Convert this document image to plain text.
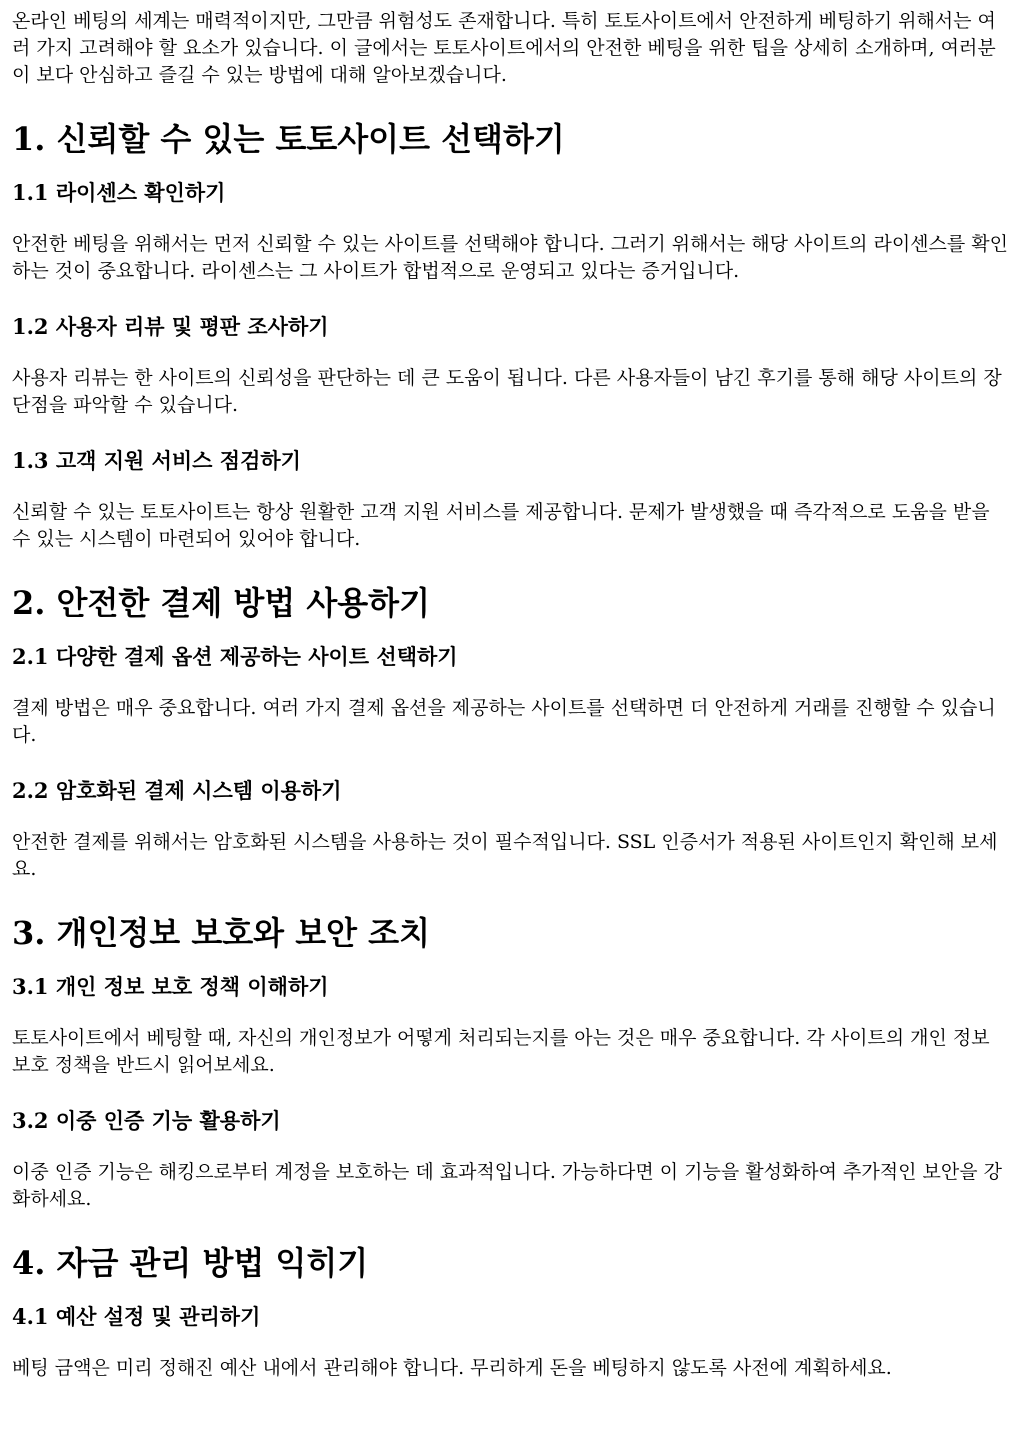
온라인 베팅의 세계는 매력적이지만, 그만큼 위험성도 존재합니다. 특히 토토사이트에서 안전하게 베팅하기 위해서는 여러 가지 고려해야 할 요소가 있습니다. 이 글에서는 토토사이트에서의 안전한 베팅을 위한 팁을 상세히 소개하며, 여러분이 보다 안심하고 즐길 수 있는 방법에 대해 알아보겠습니다.

1. 신뢰할 수 있는 토토사이트 선택하기
1.1 라이센스 확인하기

안전한 베팅을 위해서는 먼저 신뢰할 수 있는 사이트를 선택해야 합니다. 그러기 위해서는 해당 사이트의 라이센스를 확인하는 것이 중요합니다. 라이센스는 그 사이트가 합법적으로 운영되고 있다는 증거입니다.

1.2 사용자 리뷰 및 평판 조사하기

사용자 리뷰는 한 사이트의 신뢰성을 판단하는 데 큰 도움이 됩니다. 다른 사용자들이 남긴 후기를 통해 해당 사이트의 장단점을 파악할 수 있습니다.

1.3 고객 지원 서비스 점검하기

신뢰할 수 있는 토토사이트는 항상 원활한 고객 지원 서비스를 제공합니다. 문제가 발생했을 때 즉각적으로 도움을 받을 수 있는 시스템이 마련되어 있어야 합니다.

2. 안전한 결제 방법 사용하기
2.1 다양한 결제 옵션 제공하는 사이트 선택하기

결제 방법은 매우 중요합니다. 여러 가지 결제 옵션을 제공하는 사이트를 선택하면 더 안전하게 거래를 진행할 수 있습니다.

2.2 암호화된 결제 시스템 이용하기

안전한 결제를 위해서는 암호화된 시스템을 사용하는 것이 필수적입니다. SSL 인증서가 적용된 사이트인지 확인해 보세요.

3. 개인정보 보호와 보안 조치
3.1 개인 정보 보호 정책 이해하기

토토사이트에서 베팅할 때, 자신의 개인정보가 어떻게 처리되는지를 아는 것은 매우 중요합니다. 각 사이트의 개인 정보 보호 정책을 반드시 읽어보세요.

3.2 이중 인증 기능 활용하기

이중 인증 기능은 해킹으로부터 계정을 보호하는 데 효과적입니다. 가능하다면 이 기능을 활성화하여 추가적인 보안을 강화하세요.

4. 자금 관리 방법 익히기
4.1 예산 설정 및 관리하기

베팅 금액은 미리 정해진 예산 내에서 관리해야 합니다. 무리하게 돈을 베팅하지 않도록 사전에 계획하세요.
